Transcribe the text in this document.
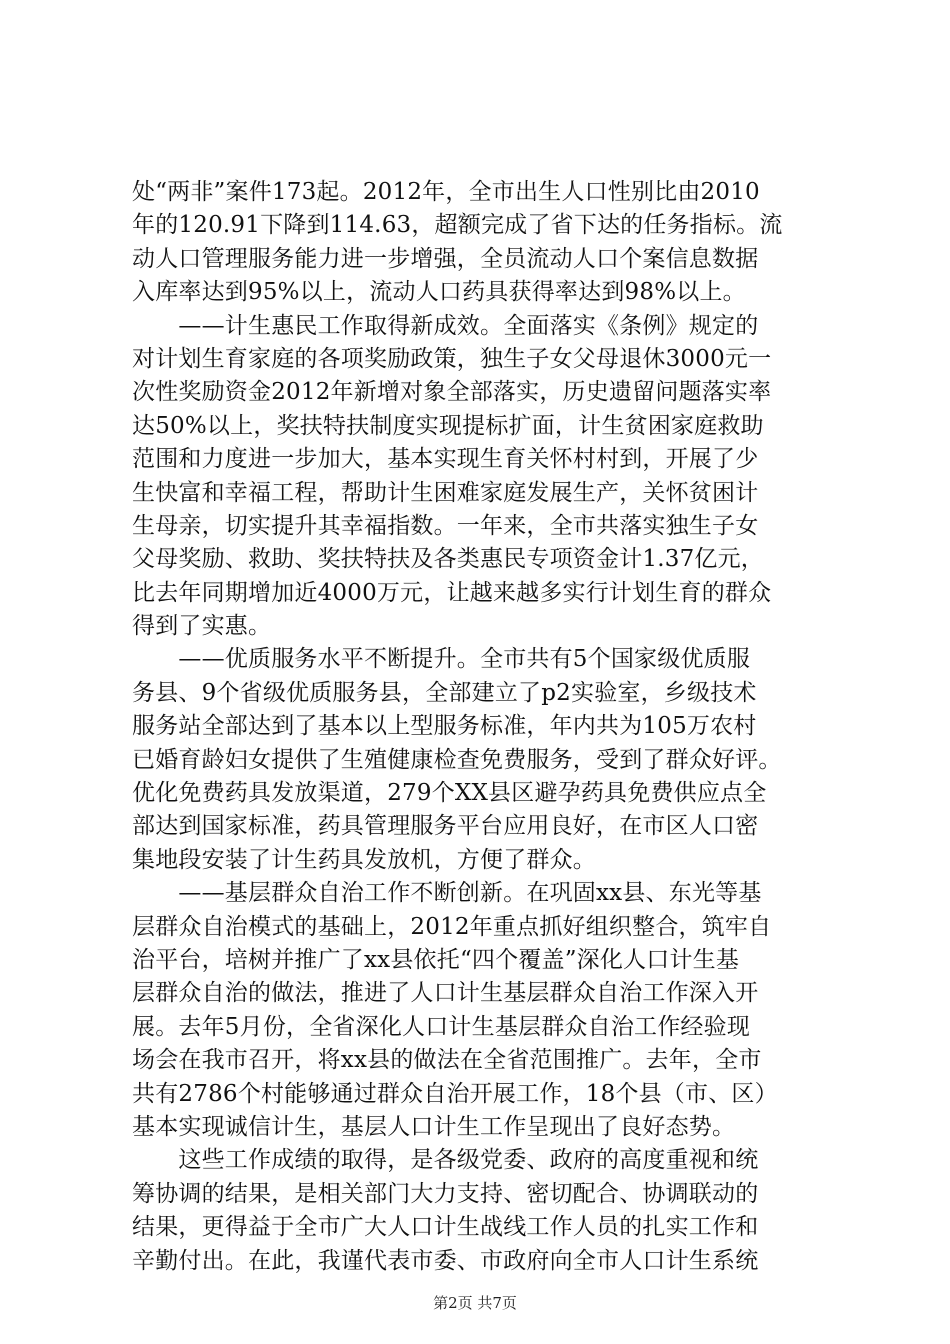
处“两非”案件173起。2012年，全市出生人口性别比由2010
年的120.91下降到114.63，超额完成了省下达的任务指标。流
动人口管理服务能力进一步增强，全员流动人口个案信息数据
入库率达到95%以上，流动人口药具获得率达到98%以上。
　　——计生惠民工作取得新成效。全面落实《条例》规定的
对计划生育家庭的各项奖励政策，独生子女父母退休3000元一
次性奖励资金2012年新增对象全部落实，历史遗留问题落实率
达50%以上，奖扶特扶制度实现提标扩面，计生贫困家庭救助
范围和力度进一步加大，基本实现生育关怀村村到，开展了少
生快富和幸福工程，帮助计生困难家庭发展生产，关怀贫困计
生母亲，切实提升其幸福指数。一年来，全市共落实独生子女
父母奖励、救助、奖扶特扶及各类惠民专项资金计1.37亿元，
比去年同期增加近4000万元，让越来越多实行计划生育的群众
得到了实惠。
　　——优质服务水平不断提升。全市共有5个国家级优质服
务县、9个省级优质服务县，全部建立了p2实验室，乡级技术
服务站全部达到了基本以上型服务标准，年内共为105万农村
已婚育龄妇女提供了生殖健康检查免费服务，受到了群众好评。
优化免费药具发放渠道，279个XX县区避孕药具免费供应点全
部达到国家标准，药具管理服务平台应用良好，在市区人口密
集地段安装了计生药具发放机，方便了群众。
　　——基层群众自治工作不断创新。在巩固xx县、东光等基
层群众自治模式的基础上，2012年重点抓好组织整合，筑牢自
治平台，培树并推广了xx县依托“四个覆盖”深化人口计生基
层群众自治的做法，推进了人口计生基层群众自治工作深入开
展。去年5月份，全省深化人口计生基层群众自治工作经验现
场会在我市召开，将xx县的做法在全省范围推广。去年，全市
共有2786个村能够通过群众自治开展工作，18个县（市、区）
基本实现诚信计生，基层人口计生工作呈现出了良好态势。
　　这些工作成绩的取得，是各级党委、政府的高度重视和统
筹协调的结果，是相关部门大力支持、密切配合、协调联动的
结果，更得益于全市广大人口计生战线工作人员的扎实工作和
辛勤付出。在此，我谨代表市委、市政府向全市人口计生系统
第2页 共7页
